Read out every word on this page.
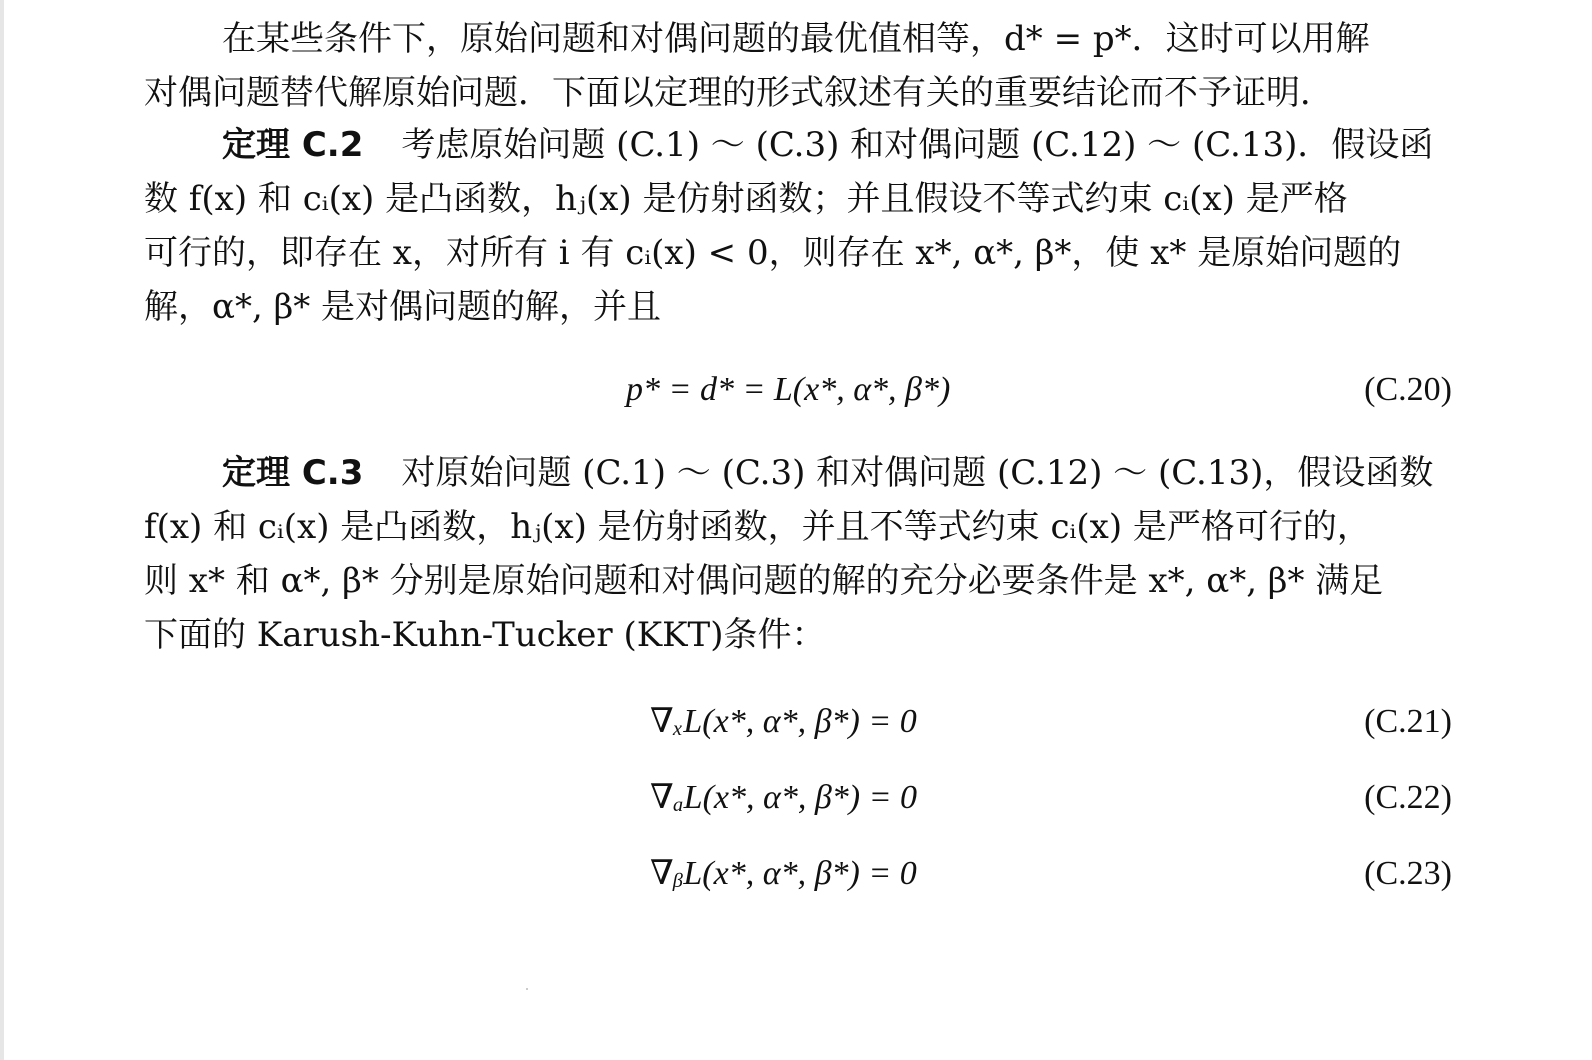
在某些条件下，原始问题和对偶问题的最优值相等，d* = p*．这时可以用解
对偶问题替代解原始问题．下面以定理的形式叙述有关的重要结论而不予证明．

定理 C.2 考虑原始问题 (C.1) ～ (C.3) 和对偶问题 (C.12) ～ (C.13)．假设函
数 f(x) 和 cᵢ(x) 是凸函数，hⱼ(x) 是仿射函数；并且假设不等式约束 cᵢ(x) 是严格
可行的，即存在 x，对所有 i 有 cᵢ(x) < 0，则存在 x*, α*, β*，使 x* 是原始问题的
解，α*, β* 是对偶问题的解，并且

p* = d* = L(x*, α*, β*)	(C.20)

定理 C.3 对原始问题 (C.1) ～ (C.3) 和对偶问题 (C.12) ～ (C.13)，假设函数
f(x) 和 cᵢ(x) 是凸函数，hⱼ(x) 是仿射函数，并且不等式约束 cᵢ(x) 是严格可行的，
则 x* 和 α*, β* 分别是原始问题和对偶问题的解的充分必要条件是 x*, α*, β* 满足
下面的 Karush-Kuhn-Tucker (KKT)条件：

∇ₓL(x*, α*, β*) = 0	(C.21)
∇ₐL(x*, α*, β*) = 0	(C.22)
∇ᵦL(x*, α*, β*) = 0	(C.23)
